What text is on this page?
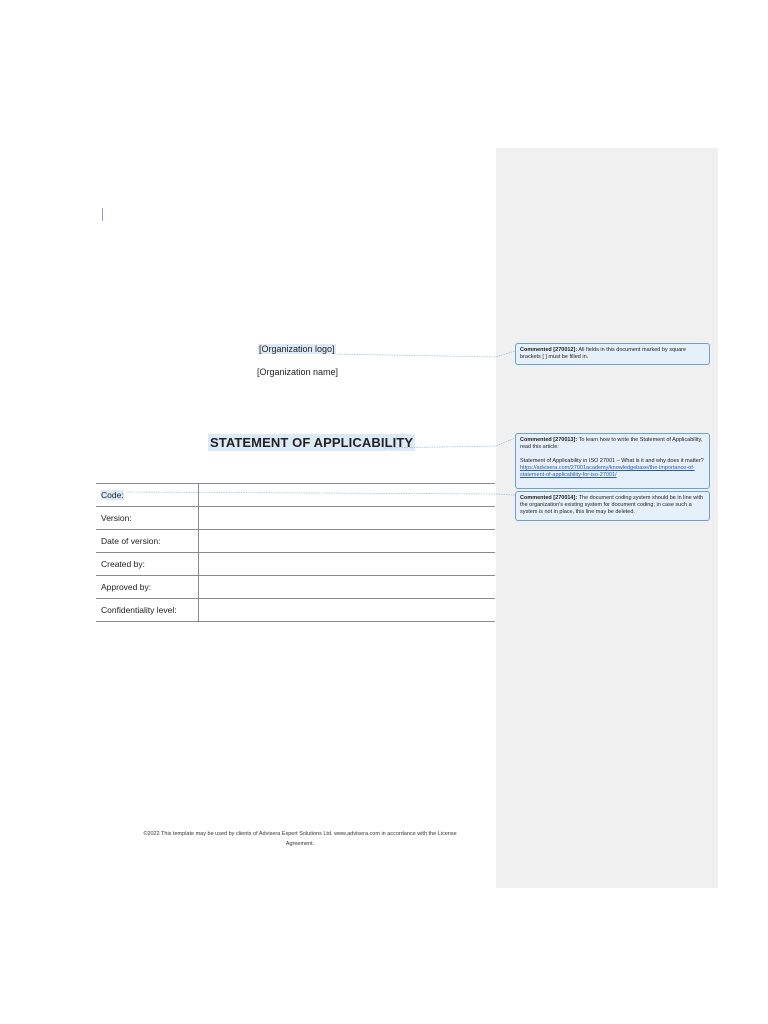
[Organization logo]
[Organization name]
STATEMENT OF APPLICABILITY
Code:	
Version:	
Date of version:	
Created by:	
Approved by:	
Confidentiality level:	
©2022 This template may be used by clients of Advisera Expert Solutions Ltd. www.advisera.com in accordance with the License
Agreement.

Commented [270012]: All fields in this document marked by square brackets [ ] must be filled in.

Commented [270013]: To learn how to write the Statement of Applicability, read this article:

Statement of Applicability in ISO 27001 – What is it and why does it matter? https://advisera.com/27001academy/knowledgebase/the-importance-of-statement-of-applicability-for-iso-27001/

Commented [270014]: The document coding system should be in line with the organization's existing system for document coding; in case such a system is not in place, this line may be deleted.
